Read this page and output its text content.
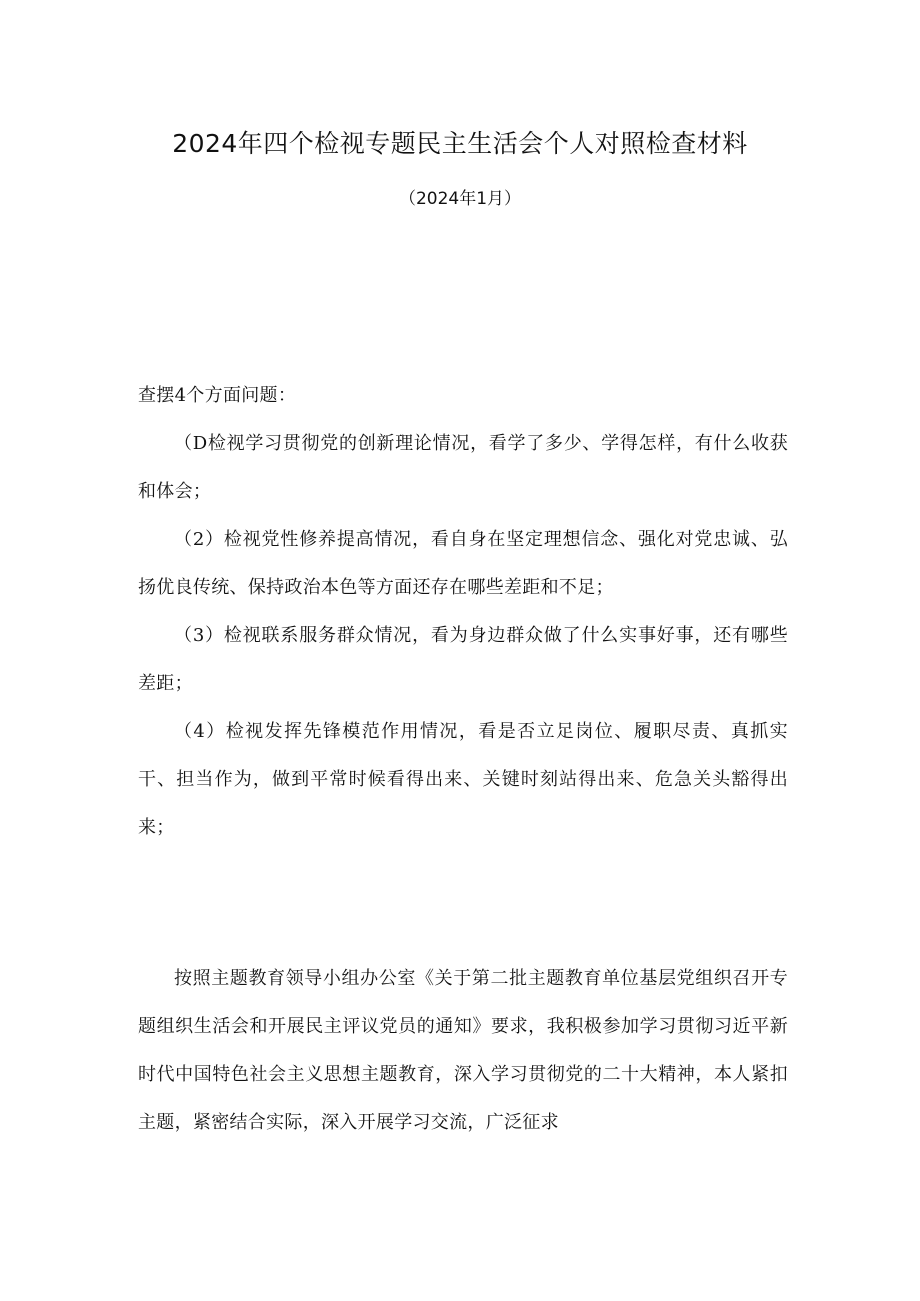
2024年四个检视专题民主生活会个人对照检查材料
（2024年1月）

查摆4个方面问题：

（D检视学习贯彻党的创新理论情况，看学了多少、学得怎样，有什么收获和体会；

（2）检视党性修养提高情况，看自身在坚定理想信念、强化对党忠诚、弘扬优良传统、保持政治本色等方面还存在哪些差距和不足；

（3）检视联系服务群众情况，看为身边群众做了什么实事好事，还有哪些差距；

（4）检视发挥先锋模范作用情况，看是否立足岗位、履职尽责、真抓实干、担当作为，做到平常时候看得出来、关键时刻站得出来、危急关头豁得出来；

按照主题教育领导小组办公室《关于第二批主题教育单位基层党组织召开专题组织生活会和开展民主评议党员的通知》要求，我积极参加学习贯彻习近平新时代中国特色社会主义思想主题教育，深入学习贯彻党的二十大精神，本人紧扣主题，紧密结合实际，深入开展学习交流，广泛征求
